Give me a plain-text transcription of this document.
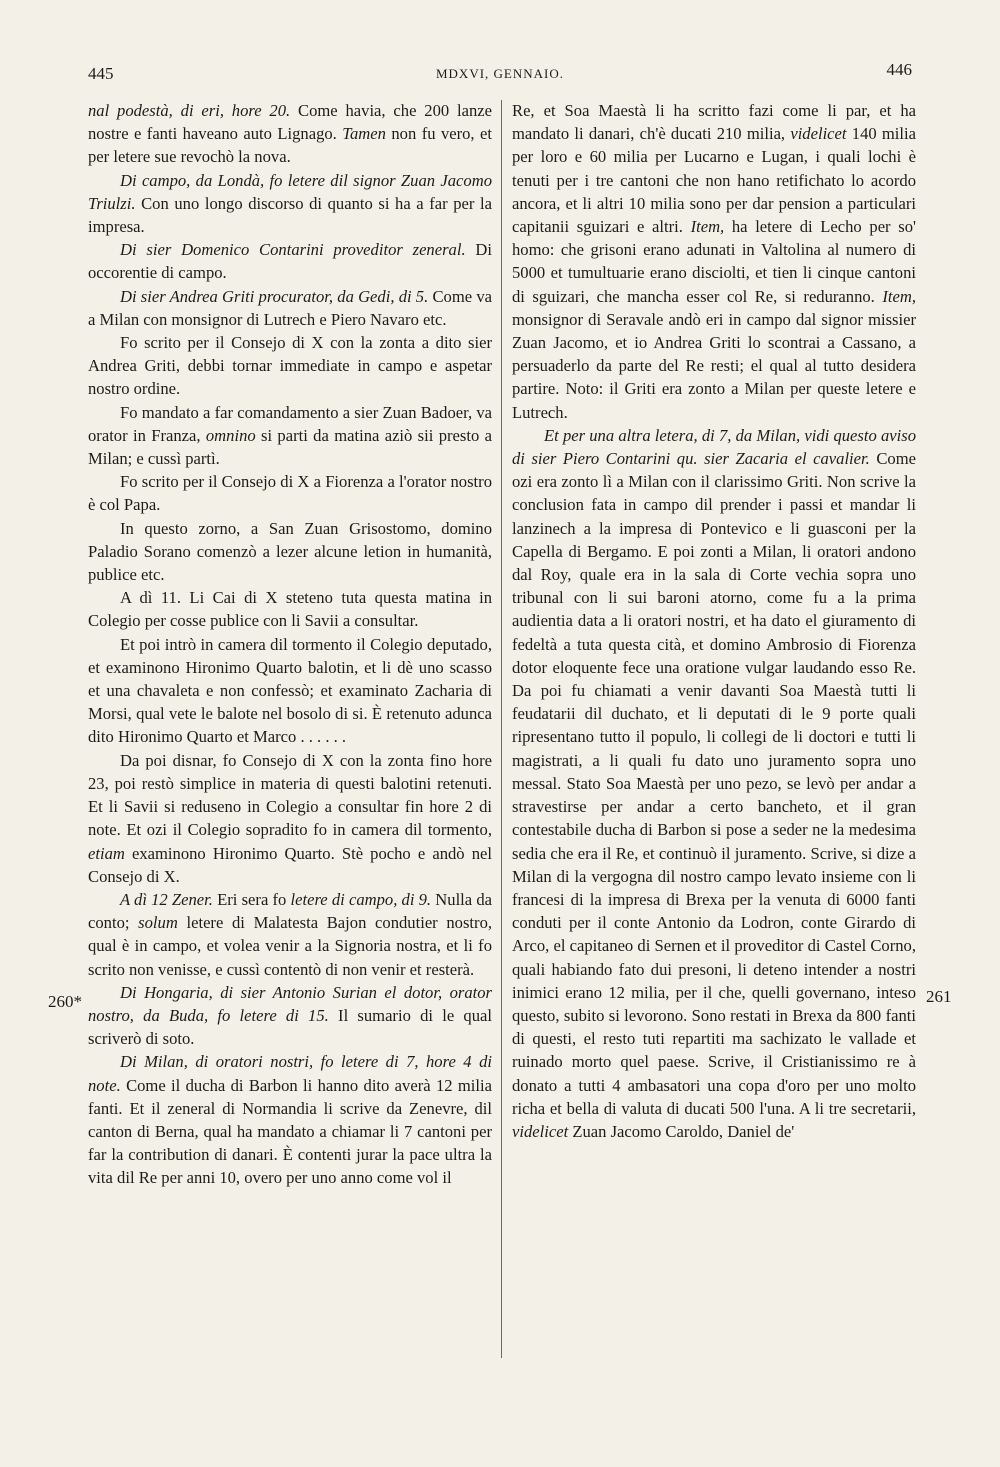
445	MDXVI, GENNAIO.	446
260*	261

nal podestà, di eri, hore 20. Come havia, che 200 lanze nostre e fanti haveano auto Lignago. Tamen non fu vero, et per letere sue revochò la nova.

Di campo, da Londà, fo letere dil signor Zuan Jacomo Triulzi. Con uno longo discorso di quanto si ha a far per la impresa.

Di sier Domenico Contarini proveditor zeneral. Di occorentie di campo.

Di sier Andrea Griti procurator, da Gedi, di 5. Come va a Milan con monsignor di Lutrech e Piero Navaro etc.

Fo scrito per il Consejo di X con la zonta a dito sier Andrea Griti, debbi tornar immediate in campo e aspetar nostro ordine.

Fo mandato a far comandamento a sier Zuan Badoer, va orator in Franza, omnino si parti da matina aziò sii presto a Milan; e cussì partì.

Fo scrito per il Consejo di X a Fiorenza a l'orator nostro è col Papa.

In questo zorno, a San Zuan Grisostomo, domino Paladio Sorano comenzò a lezer alcune letion in humanità, publice etc.

A dì 11. Li Cai di X steteno tuta questa matina in Colegio per cosse publice con li Savii a consultar.

Et poi intrò in camera dil tormento il Colegio deputado, et examinono Hironimo Quarto balotin, et li dè uno scasso et una chavaleta e non confessò; et examinato Zacharia di Morsi, qual vete le balote nel bosolo di si. È retenuto adunca dito Hironimo Quarto et Marco . . . . . .

Da poi disnar, fo Consejo di X con la zonta fino hore 23, poi restò simplice in materia di questi balotini retenuti. Et li Savii si reduseno in Colegio a consultar fin hore 2 di note. Et ozi il Colegio sopradito fo in camera dil tormento, etiam examinono Hironimo Quarto. Stè pocho e andò nel Consejo di X.

A dì 12 Zener. Eri sera fo letere di campo, di 9. Nulla da conto; solum letere di Malatesta Bajon condutier nostro, qual è in campo, et volea venir a la Signoria nostra, et li fo scrito non venisse, e cussì contentò di non venir et resterà.

Di Hongaria, di sier Antonio Surian el dotor, orator nostro, da Buda, fo letere di 15. Il sumario di le qual scriverò di soto.

Di Milan, di oratori nostri, fo letere di 7, hore 4 di note. Come il ducha di Barbon li hanno dito averà 12 milia fanti. Et il zeneral di Normandia li scrive da Zenevre, dil canton di Berna, qual ha mandato a chiamar li 7 cantoni per far la contribution di danari. È contenti jurar la pace ultra la vita dil Re per anni 10, overo per uno anno come vol il

Re, et Soa Maestà li ha scritto fazi come li par, et ha mandato li danari, ch'è ducati 210 milia, videlicet 140 milia per loro e 60 milia per Lucarno e Lugan, i quali lochi è tenuti per i tre cantoni che non hano retifichato lo acordo ancora, et li altri 10 milia sono per dar pension a particulari capitanii sguizari e altri. Item, ha letere di Lecho per so' homo: che grisoni erano adunati in Valtolina al numero di 5000 et tumultuarie erano disciolti, et tien li cinque cantoni di sguizari, che mancha esser col Re, si reduranno. Item, monsignor di Seravale andò eri in campo dal signor missier Zuan Jacomo, et io Andrea Griti lo scontrai a Cassano, a persuaderlo da parte del Re resti; el qual al tutto desidera partire. Noto: il Griti era zonto a Milan per queste letere e Lutrech.

Et per una altra letera, di 7, da Milan, vidi questo aviso di sier Piero Contarini qu. sier Zacaria el cavalier. Come ozi era zonto lì a Milan con il clarissimo Griti. Non scrive la conclusion fata in campo dil prender i passi et mandar li lanzinech a la impresa di Pontevico e li guasconi per la Capella di Bergamo. E poi zonti a Milan, li oratori andono dal Roy, quale era in la sala di Corte vechia sopra uno tribunal con li sui baroni atorno, come fu a la prima audientia data a li oratori nostri, et ha dato el giuramento di fedeltà a tuta questa cità, et domino Ambrosio di Fiorenza dotor eloquente fece una oratione vulgar laudando esso Re. Da poi fu chiamati a venir davanti Soa Maestà tutti li feudatarii dil duchato, et li deputati di le 9 porte quali ripresentano tutto il populo, li collegi de li doctori e tutti li magistrati, a li quali fu dato uno juramento sopra uno messal. Stato Soa Maestà per uno pezo, se levò per andar a stravestirse per andar a certo bancheto, et il gran contestabile ducha di Barbon si pose a seder ne la medesima sedia che era il Re, et continuò il juramento. Scrive, si dize a Milan di la vergogna dil nostro campo levato insieme con li francesi di la impresa di Brexa per la venuta di 6000 fanti conduti per il conte Antonio da Lodron, conte Girardo di Arco, el capitaneo di Sernen et il proveditor di Castel Corno, quali habiando fato dui presoni, li deteno intender a nostri inimici erano 12 milia, per il che, quelli governano, inteso questo, subito si levorono. Sono restati in Brexa da 800 fanti di questi, el resto tuti repartiti ma sachizato le vallade et ruinado morto quel paese. Scrive, il Cristianissimo re à donato a tutti 4 ambasatori una copa d'oro per uno molto richa et bella di valuta di ducati 500 l'una. A li tre secretarii, videlicet Zuan Jacomo Caroldo, Daniel de'
